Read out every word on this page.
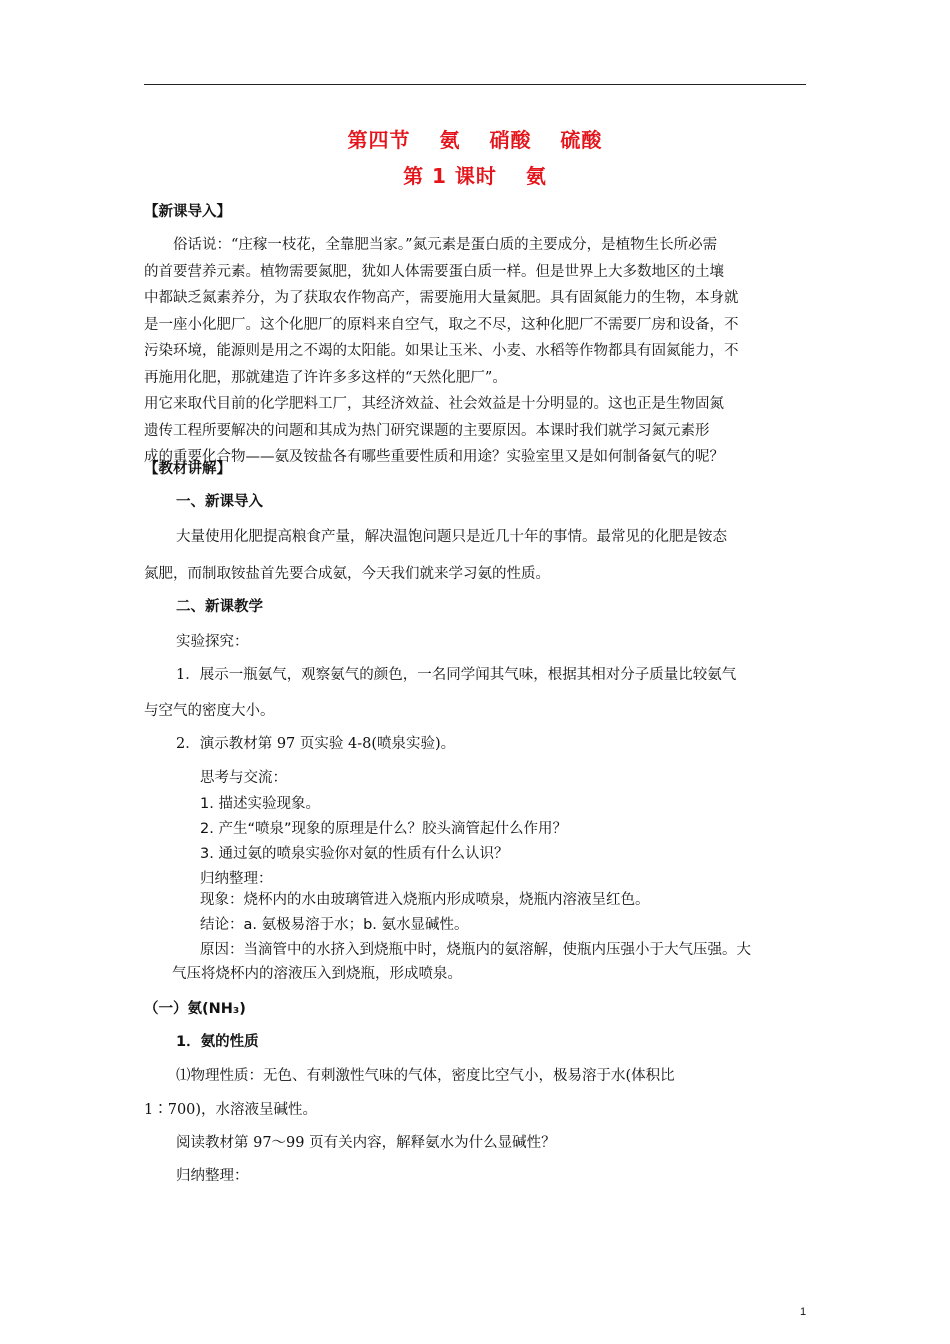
第四节　 氨　 硝酸　 硫酸
第 1 课时　 氨
【新课导入】
　　俗话说：“庄稼一枝花，全靠肥当家。”氮元素是蛋白质的主要成分，是植物生长所必需
的首要营养元素。植物需要氮肥，犹如人体需要蛋白质一样。但是世界上大多数地区的土壤
中都缺乏氮素养分，为了获取农作物高产，需要施用大量氮肥。具有固氮能力的生物，本身就
是一座小化肥厂。这个化肥厂的原料来自空气，取之不尽，这种化肥厂不需要厂房和设备，不
污染环境，能源则是用之不竭的太阳能。如果让玉米、小麦、水稻等作物都具有固氮能力，不
再施用化肥，那就建造了许许多多这样的“天然化肥厂”。
用它来取代目前的化学肥料工厂，其经济效益、社会效益是十分明显的。这也正是生物固氮
遗传工程所要解决的问题和其成为热门研究课题的主要原因。本课时我们就学习氮元素形
成的重要化合物——氨及铵盐各有哪些重要性质和用途？实验室里又是如何制备氨气的呢？
【教材讲解】
一、新课导入
大量使用化肥提高粮食产量，解决温饱问题只是近几十年的事情。最常见的化肥是铵态
氮肥，而制取铵盐首先要合成氨，今天我们就来学习氨的性质。
二、新课教学
实验探究：
1．展示一瓶氨气，观察氨气的颜色，一名同学闻其气味，根据其相对分子质量比较氨气
与空气的密度大小。
2．演示教材第 97 页实验 4-8(喷泉实验)。
思考与交流：
1. 描述实验现象。
2. 产生“喷泉”现象的原理是什么？胶头滴管起什么作用？
3. 通过氨的喷泉实验你对氨的性质有什么认识？
归纳整理：
现象：烧杯内的水由玻璃管进入烧瓶内形成喷泉，烧瓶内溶液呈红色。
结论：a. 氨极易溶于水；b. 氨水显碱性。
原因：当滴管中的水挤入到烧瓶中时，烧瓶内的氨溶解，使瓶内压强小于大气压强。大
气压将烧杯内的溶液压入到烧瓶，形成喷泉。
（一）氨(NH₃)
1．氨的性质
⑴物理性质：无色、有刺激性气味的气体，密度比空气小，极易溶于水(体积比
1∶700)，水溶液呈碱性。
阅读教材第 97～99 页有关内容，解释氨水为什么显碱性？
归纳整理：
1
